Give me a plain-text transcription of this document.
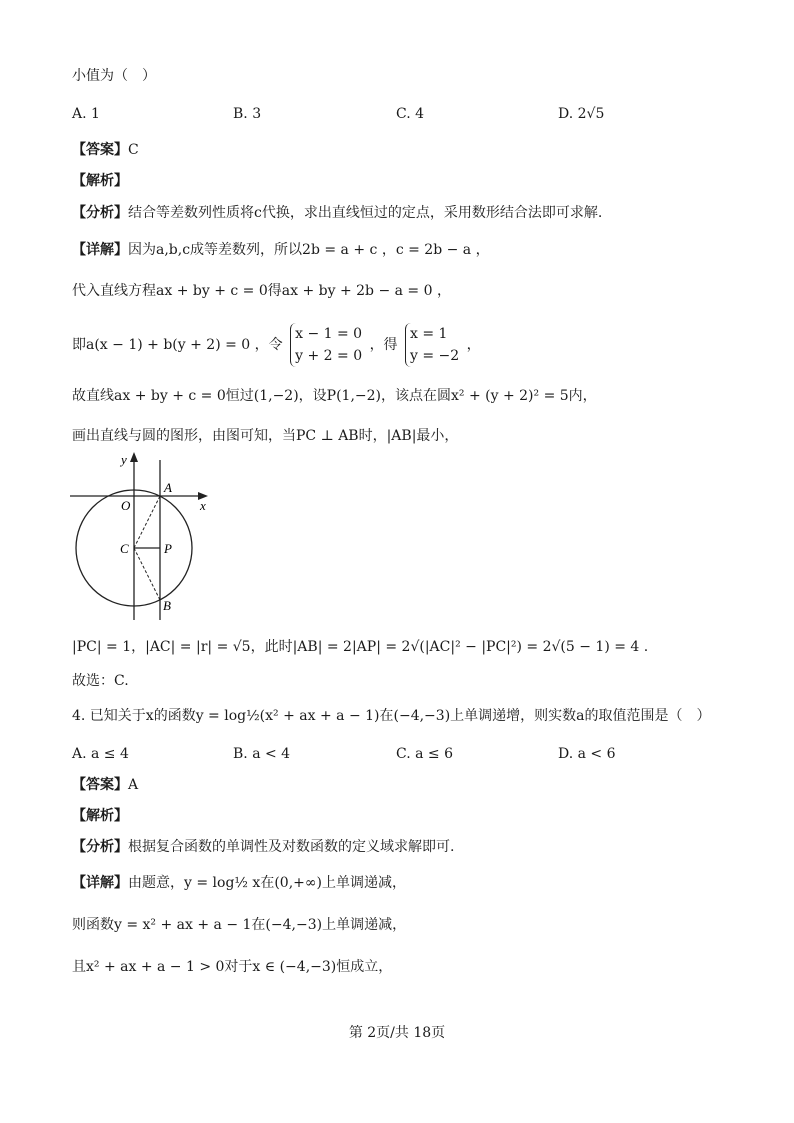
小值为（　）
A. 1	B. 3	C. 4	D. 2√5
【答案】C
【解析】
【分析】结合等差数列性质将c代换，求出直线恒过的定点，采用数形结合法即可求解.
【详解】因为a,b,c成等差数列，所以2b = a + c ，c = 2b − a ，
代入直线方程ax + by + c = 0得ax + by + 2b − a = 0 ，
即a(x − 1) + b(y + 2) = 0 ，令
x − 1 = 0
y + 2 = 0
，得
x = 1
y = −2
，
故直线ax + by + c = 0恒过(1,−2)，设P(1,−2)，该点在圆x² + (y + 2)² = 5内，
画出直线与圆的图形，由图可知，当PC ⊥ AB时，|AB|最小，
y
x
O
A
C	P
B
|PC| = 1，|AC| = |r| = √5，此时|AB| = 2|AP| = 2√(|AC|² − |PC|²) = 2√(5 − 1) = 4 .
故选：C.
4. 已知关于x的函数y = log½(x² + ax + a − 1)在(−4,−3)上单调递增，则实数a的取值范围是（　）
A. a ≤ 4	B. a < 4	C. a ≤ 6	D. a < 6
【答案】A
【解析】
【分析】根据复合函数的单调性及对数函数的定义域求解即可.
【详解】由题意，y = log½ x在(0,+∞)上单调递减，
则函数y = x² + ax + a − 1在(−4,−3)上单调递减，
且x² + ax + a − 1 > 0对于x ∈ (−4,−3)恒成立，
第 2页/共 18页
